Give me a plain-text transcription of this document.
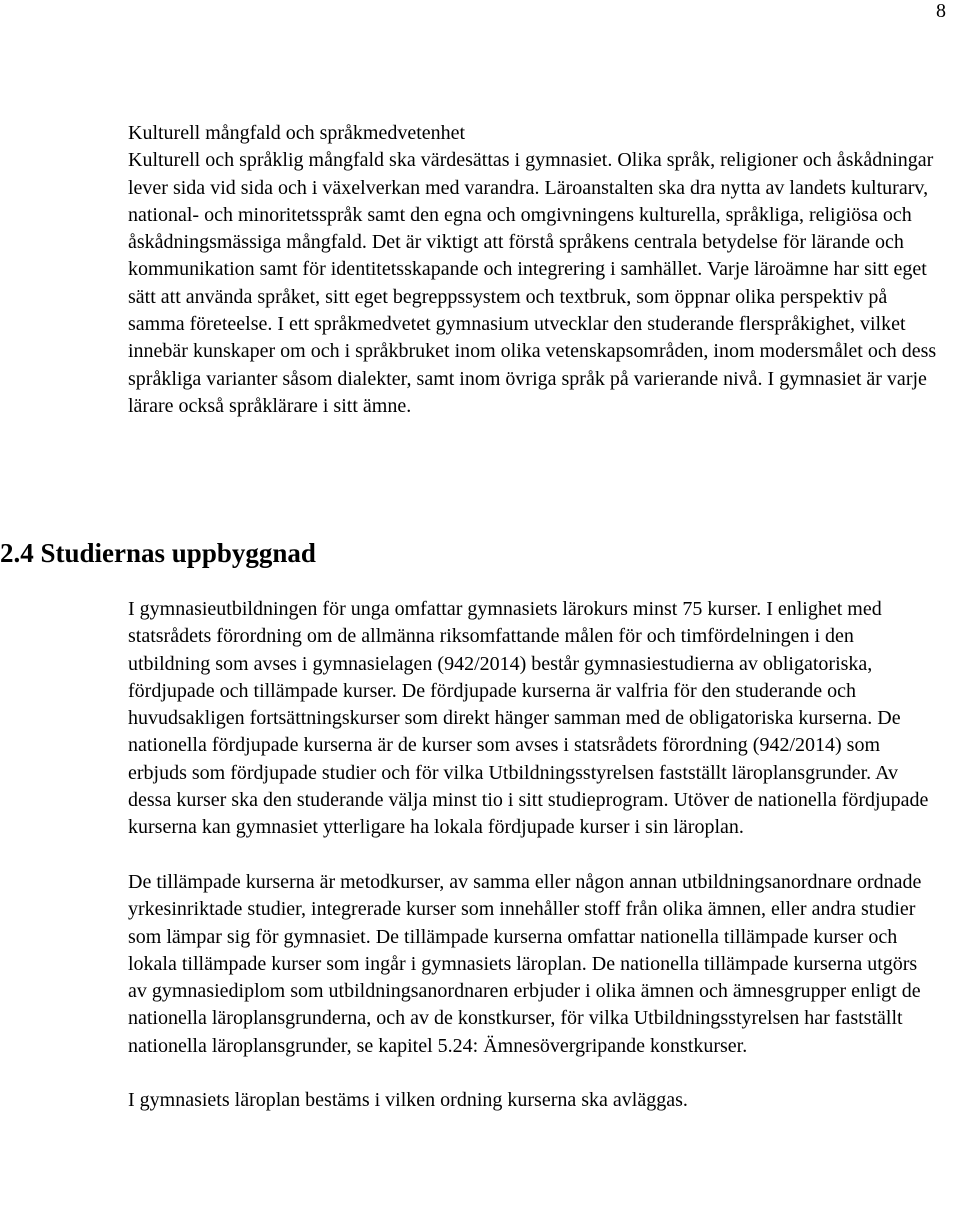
8
Kulturell mångfald och språkmedvetenhet

Kulturell och språklig mångfald ska värdesättas i gymnasiet. Olika språk, religioner och åskådningar lever sida vid sida och i växelverkan med varandra. Läroanstalten ska dra nytta av landets kulturarv, national- och minoritetsspråk samt den egna och omgivningens kulturella, språkliga, religiösa och åskådningsmässiga mångfald. Det är viktigt att förstå språkens centrala betydelse för lärande och kommunikation samt för identitetsskapande och integrering i samhället. Varje läroämne har sitt eget sätt att använda språket, sitt eget begreppssystem och textbruk, som öppnar olika perspektiv på samma företeelse. I ett språkmedvetet gymnasium utvecklar den studerande flerspråkighet, vilket innebär kunskaper om och i språkbruket inom olika vetenskapsområden, inom modersmålet och dess språkliga varianter såsom dialekter, samt inom övriga språk på varierande nivå. I gymnasiet är varje lärare också språklärare i sitt ämne.

2.4 Studiernas uppbyggnad

I gymnasieutbildningen för unga omfattar gymnasiets lärokurs minst 75 kurser. I enlighet med statsrådets förordning om de allmänna riksomfattande målen för och timfördelningen i den utbildning som avses i gymnasielagen (942/2014) består gymnasiestudierna av obligatoriska, fördjupade och tillämpade kurser. De fördjupade kurserna är valfria för den studerande och huvudsakligen fortsättningskurser som direkt hänger samman med de obligatoriska kurserna. De nationella fördjupade kurserna är de kurser som avses i statsrådets förordning (942/2014) som erbjuds som fördjupade studier och för vilka Utbildningsstyrelsen fastställt läroplansgrunder. Av dessa kurser ska den studerande välja minst tio i sitt studieprogram. Utöver de nationella fördjupade kurserna kan gymnasiet ytterligare ha lokala fördjupade kurser i sin läroplan.

De tillämpade kurserna är metodkurser, av samma eller någon annan utbildningsanordnare ordnade yrkesinriktade studier, integrerade kurser som innehåller stoff från olika ämnen, eller andra studier som lämpar sig för gymnasiet. De tillämpade kurserna omfattar nationella tillämpade kurser och lokala tillämpade kurser som ingår i gymnasiets läroplan. De nationella tillämpade kurserna utgörs av gymnasiediplom som utbildningsanordnaren erbjuder i olika ämnen och ämnesgrupper enligt de nationella läroplansgrunderna, och av de konstkurser, för vilka Utbildningsstyrelsen har fastställt nationella läroplansgrunder, se kapitel 5.24: Ämnesövergripande konstkurser.

I gymnasiets läroplan bestäms i vilken ordning kurserna ska avläggas.
